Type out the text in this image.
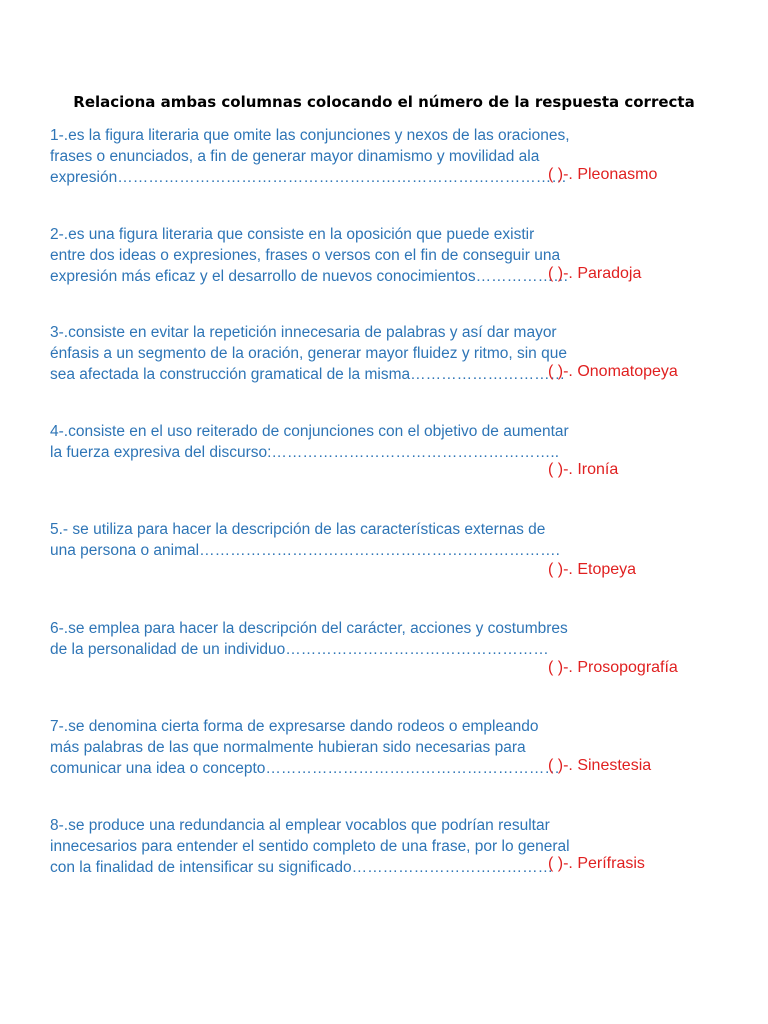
Relaciona ambas columnas colocando el número de la respuesta correcta
1-.es la figura literaria que omite las conjunciones y nexos de las oraciones,
frases o enunciados, a fin de generar mayor dinamismo y movilidad ala
expresión……………………………………………………………………………
( )-. Pleonasmo
2-.es una figura literaria que consiste en la oposición que puede existir
entre dos ideas o expresiones, frases o versos con el fin de conseguir una
expresión más eficaz y el desarrollo de nuevos conocimientos………………
( )-. Paradoja
3-.consiste en evitar la repetición innecesaria de palabras y así dar mayor
énfasis a un segmento de la oración, generar mayor fluidez y ritmo, sin que
sea afectada la construcción gramatical de la misma…………………………
( )-. Onomatopeya
4-.consiste en el uso reiterado de conjunciones con el objetivo de aumentar
la fuerza expresiva del discurso:………………………………………………..
( )-. Ironía
5.- se utiliza para hacer la descripción de las características externas de
una persona o animal…………………………………………………………….
( )-. Etopeya
6-.se emplea para hacer la descripción del carácter, acciones y costumbres
de la personalidad de un individuo……………………………………………
( )-. Prosopografía
7-.se denomina cierta forma de expresarse dando rodeos o empleando
más palabras de las que normalmente hubieran sido necesarias para
comunicar una idea o concepto…………………………………………………
( )-. Sinestesia
8-.se produce una redundancia al emplear vocablos que podrían resultar
innecesarios para entender el sentido completo de una frase, por lo general
con la finalidad de intensificar su significado…………………………………
( )-. Perífrasis
